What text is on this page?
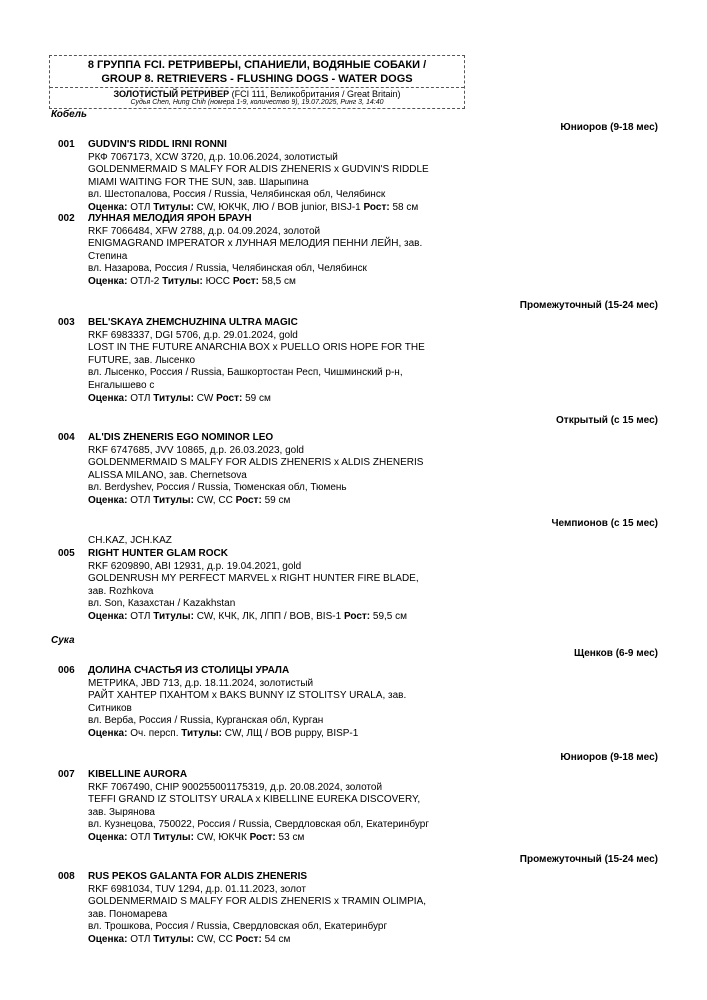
8 ГРУППА FCI. РЕТРИВЕРЫ, СПАНИЕЛИ, ВОДЯНЫЕ СОБАКИ /
GROUP 8. RETRIEVERS - FLUSHING DOGS - WATER DOGS
ЗОЛОТИСТЫЙ РЕТРИВЕР (FCI 111, Великобритания / Great Britain)
Судья Chen, Hung Chih (номера 1-9, количество 9), 19.07.2025, Ринг 3, 14:40
Кобель
Юниоров (9-18 мес)
001 GUDVIN'S RIDDL IRNI RONNI
РКФ 7067173, XCW 3720, д.р. 10.06.2024, золотистый
GOLDENMERMAID S MALFY FOR ALDIS ZHENERIS x GUDVIN'S RIDDLE
MIAMI WAITING FOR THE SUN, зав. Шарыпина
вл. Шестопалова, Россия / Russia, Челябинская обл, Челябинск
Оценка: ОТЛ Титулы: CW, ЮКЧК, ЛЮ / BOB junior, BISJ-1 Рост: 58 см
002 ЛУННАЯ МЕЛОДИЯ ЯРОН БРАУН
RKF 7066484, XFW 2788, д.р. 04.09.2024, золотой
ENIGMAGRAND IMPERATOR x ЛУННАЯ МЕЛОДИЯ ПЕННИ ЛЕЙН, зав.
Степина
вл. Назарова, Россия / Russia, Челябинская обл, Челябинск
Оценка: ОТЛ-2 Титулы: ЮСС Рост: 58,5 см
Промежуточный (15-24 мес)
003 BEL'SKAYA ZHEMCHUZHINA ULTRA MAGIC
RKF 6983337, DGI 5706, д.р. 29.01.2024, gold
LOST IN THE FUTURE ANARCHIA BOX x PUELLO ORIS HOPE FOR THE
FUTURE, зав. Лысенко
вл. Лысенко, Россия / Russia, Башкортостан Респ, Чишминский р-н,
Енгалышево с
Оценка: ОТЛ Титулы: CW Рост: 59 см
Открытый (с 15 мес)
004 AL'DIS ZHENERIS EGO NOMINOR LEO
RKF 6747685, JVV 10865, д.р. 26.03.2023, gold
GOLDENMERMAID S MALFY FOR ALDIS ZHENERIS x ALDIS ZHENERIS
ALISSA MILANO, зав. Chernetsova
вл. Berdyshev, Россия / Russia, Тюменская обл, Тюмень
Оценка: ОТЛ Титулы: CW, CC Рост: 59 см
Чемпионов (с 15 мес)
CH.KAZ, JCH.KAZ
005 RIGHT HUNTER GLAM ROCK
RKF 6209890, ABI 12931, д.р. 19.04.2021, gold
GOLDENRUSH MY PERFECT MARVEL x RIGHT HUNTER FIRE BLADE,
зав. Rozhkova
вл. Son, Казахстан / Kazakhstan
Оценка: ОТЛ Титулы: CW, КЧК, ЛК, ЛПП / BOB, BIS-1 Рост: 59,5 см
Сука
Щенков (6-9 мес)
006 ДОЛИНА СЧАСТЬЯ ИЗ СТОЛИЦЫ УРАЛА
МЕТРИКА, JBD 713, д.р. 18.11.2024, золотистый
РАЙТ ХАНТЕР ПХАНТОМ x BAKS BUNNY IZ STOLITSY URALA, зав.
Ситников
вл. Верба, Россия / Russia, Курганская обл, Курган
Оценка: Оч. персп. Титулы: CW, ЛЩ / BOB puppy, BISP-1
Юниоров (9-18 мес)
007 KIBELLINE AURORA
RKF 7067490, CHIP 900255001175319, д.р. 20.08.2024, золотой
TEFFI GRAND IZ STOLITSY URALA x KIBELLINE EUREKA DISCOVERY,
зав. Зырянова
вл. Кузнецова, 750022, Россия / Russia, Свердловская обл, Екатеринбург
Оценка: ОТЛ Титулы: CW, ЮКЧК Рост: 53 см
Промежуточный (15-24 мес)
008 RUS PEKOS GALANTA FOR ALDIS ZHENERIS
RKF 6981034, TUV 1294, д.р. 01.11.2023, золот
GOLDENMERMAID S MALFY FOR ALDIS ZHENERIS x TRAMIN OLIMPIA,
зав. Пономарева
вл. Трошкова, Россия / Russia, Свердловская обл, Екатеринбург
Оценка: ОТЛ Титулы: CW, CC Рост: 54 см
